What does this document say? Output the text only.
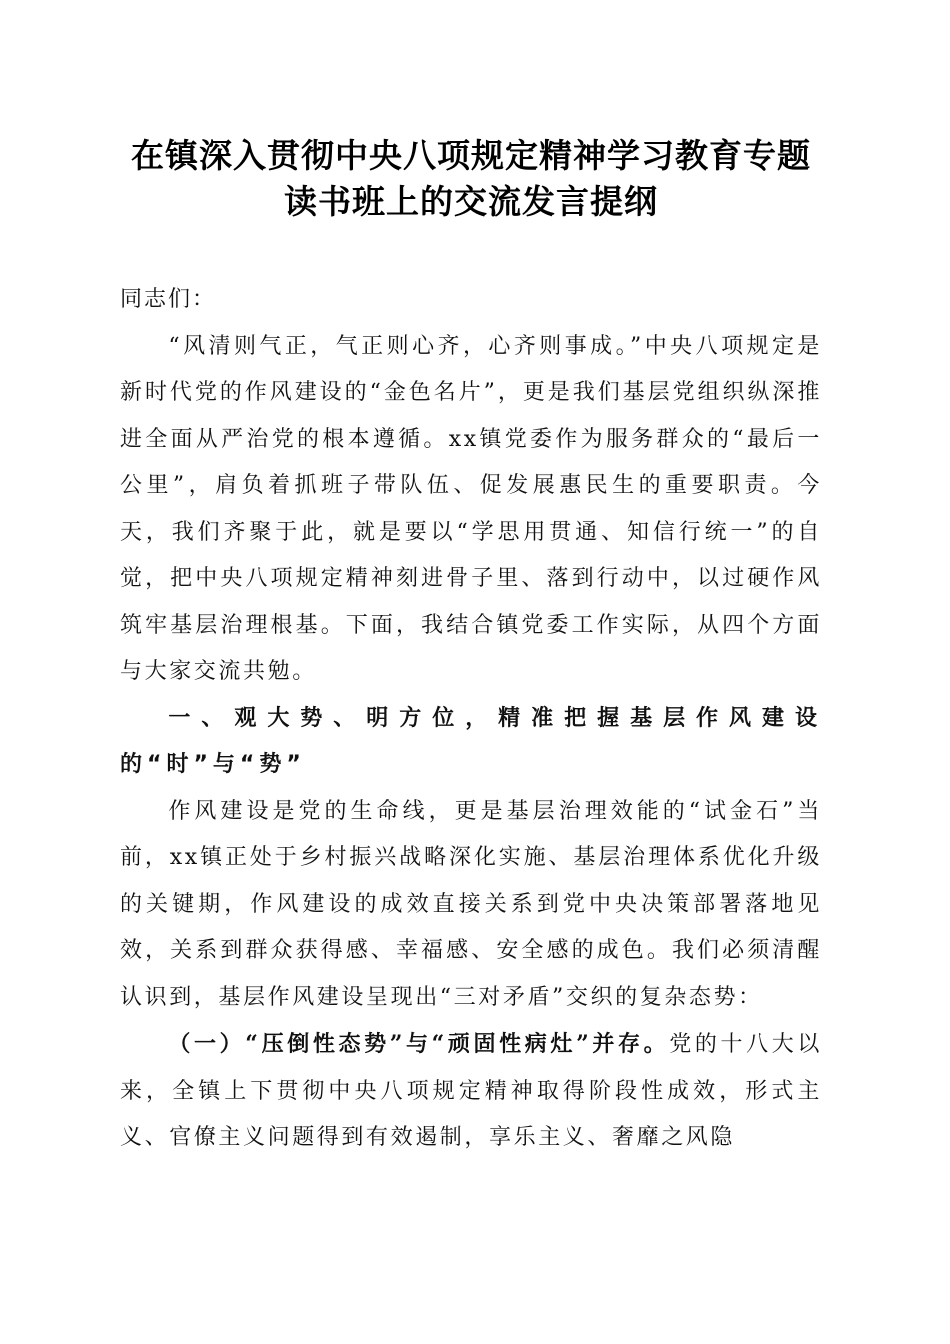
在镇深入贯彻中央八项规定精神学习教育专题
读书班上的交流发言提纲
同志们：

“风清则气正，气正则心齐，心齐则事成。”中央八项规定是新时代党的作风建设的“金色名片”，更是我们基层党组织纵深推进全面从严治党的根本遵循。xx镇党委作为服务群众的“最后一公里”，肩负着抓班子带队伍、促发展惠民生的重要职责。今天，我们齐聚于此，就是要以“学思用贯通、知信行统一”的自觉，把中央八项规定精神刻进骨子里、落到行动中，以过硬作风筑牢基层治理根基。下面，我结合镇党委工作实际，从四个方面与大家交流共勉。

一、观大势、明方位，精准把握基层作风建设的“时”与“势”

作风建设是党的生命线，更是基层治理效能的“试金石”当前，xx镇正处于乡村振兴战略深化实施、基层治理体系优化升级的关键期，作风建设的成效直接关系到党中央决策部署落地见效，关系到群众获得感、幸福感、安全感的成色。我们必须清醒认识到，基层作风建设呈现出“三对矛盾”交织的复杂态势：

（一）“压倒性态势”与“顽固性病灶”并存。党的十八大以来，全镇上下贯彻中央八项规定精神取得阶段性成效，形式主义、官僚主义问题得到有效遏制，享乐主义、奢靡之风隐
